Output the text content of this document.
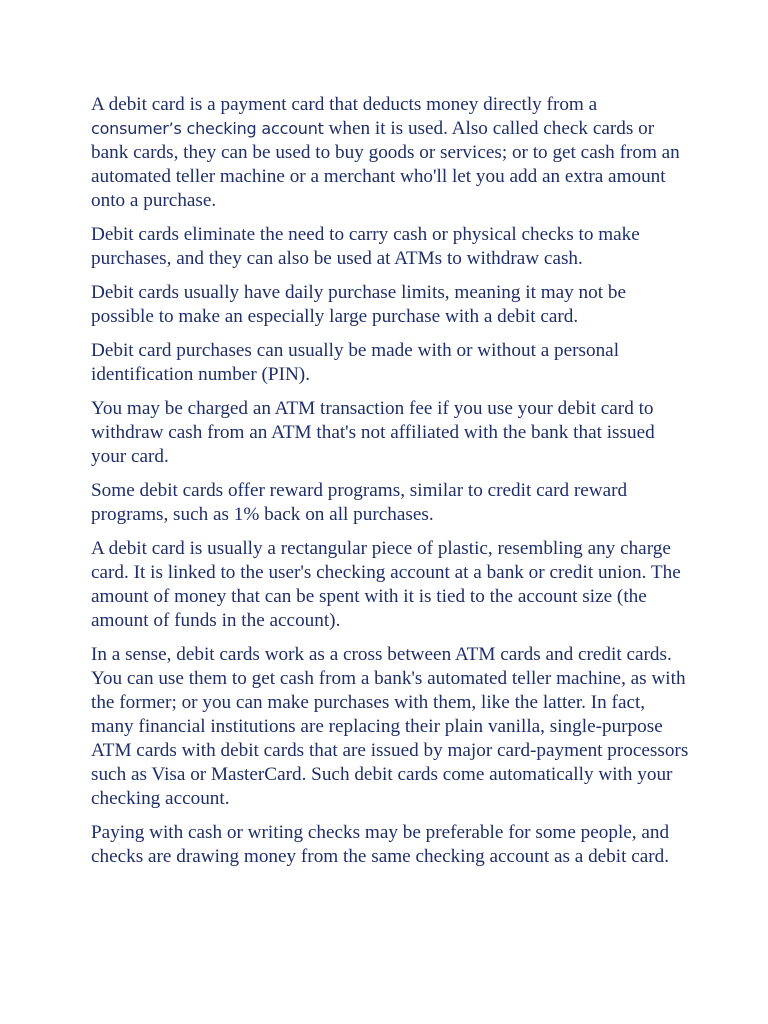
A debit card is a payment card that deducts money directly from a consumer’s checking account when it is used. Also called check cards or bank cards, they can be used to buy goods or services; or to get cash from an automated teller machine or a merchant who'll let you add an extra amount onto a purchase.

Debit cards eliminate the need to carry cash or physical checks to make purchases, and they can also be used at ATMs to withdraw cash.

Debit cards usually have daily purchase limits, meaning it may not be possible to make an especially large purchase with a debit card.

Debit card purchases can usually be made with or without a personal identification number (PIN).

You may be charged an ATM transaction fee if you use your debit card to withdraw cash from an ATM that's not affiliated with the bank that issued your card.

Some debit cards offer reward programs, similar to credit card reward programs, such as 1% back on all purchases.

A debit card is usually a rectangular piece of plastic, resembling any charge card. It is linked to the user's checking account at a bank or credit union. The amount of money that can be spent with it is tied to the account size (the amount of funds in the account).

In a sense, debit cards work as a cross between ATM cards and credit cards. You can use them to get cash from a bank's automated teller machine, as with the former; or you can make purchases with them, like the latter. In fact, many financial institutions are replacing their plain vanilla, single-purpose ATM cards with debit cards that are issued by major card-payment processors such as Visa or MasterCard. Such debit cards come automatically with your checking account.

Paying with cash or writing checks may be preferable for some people, and checks are drawing money from the same checking account as a debit card.
